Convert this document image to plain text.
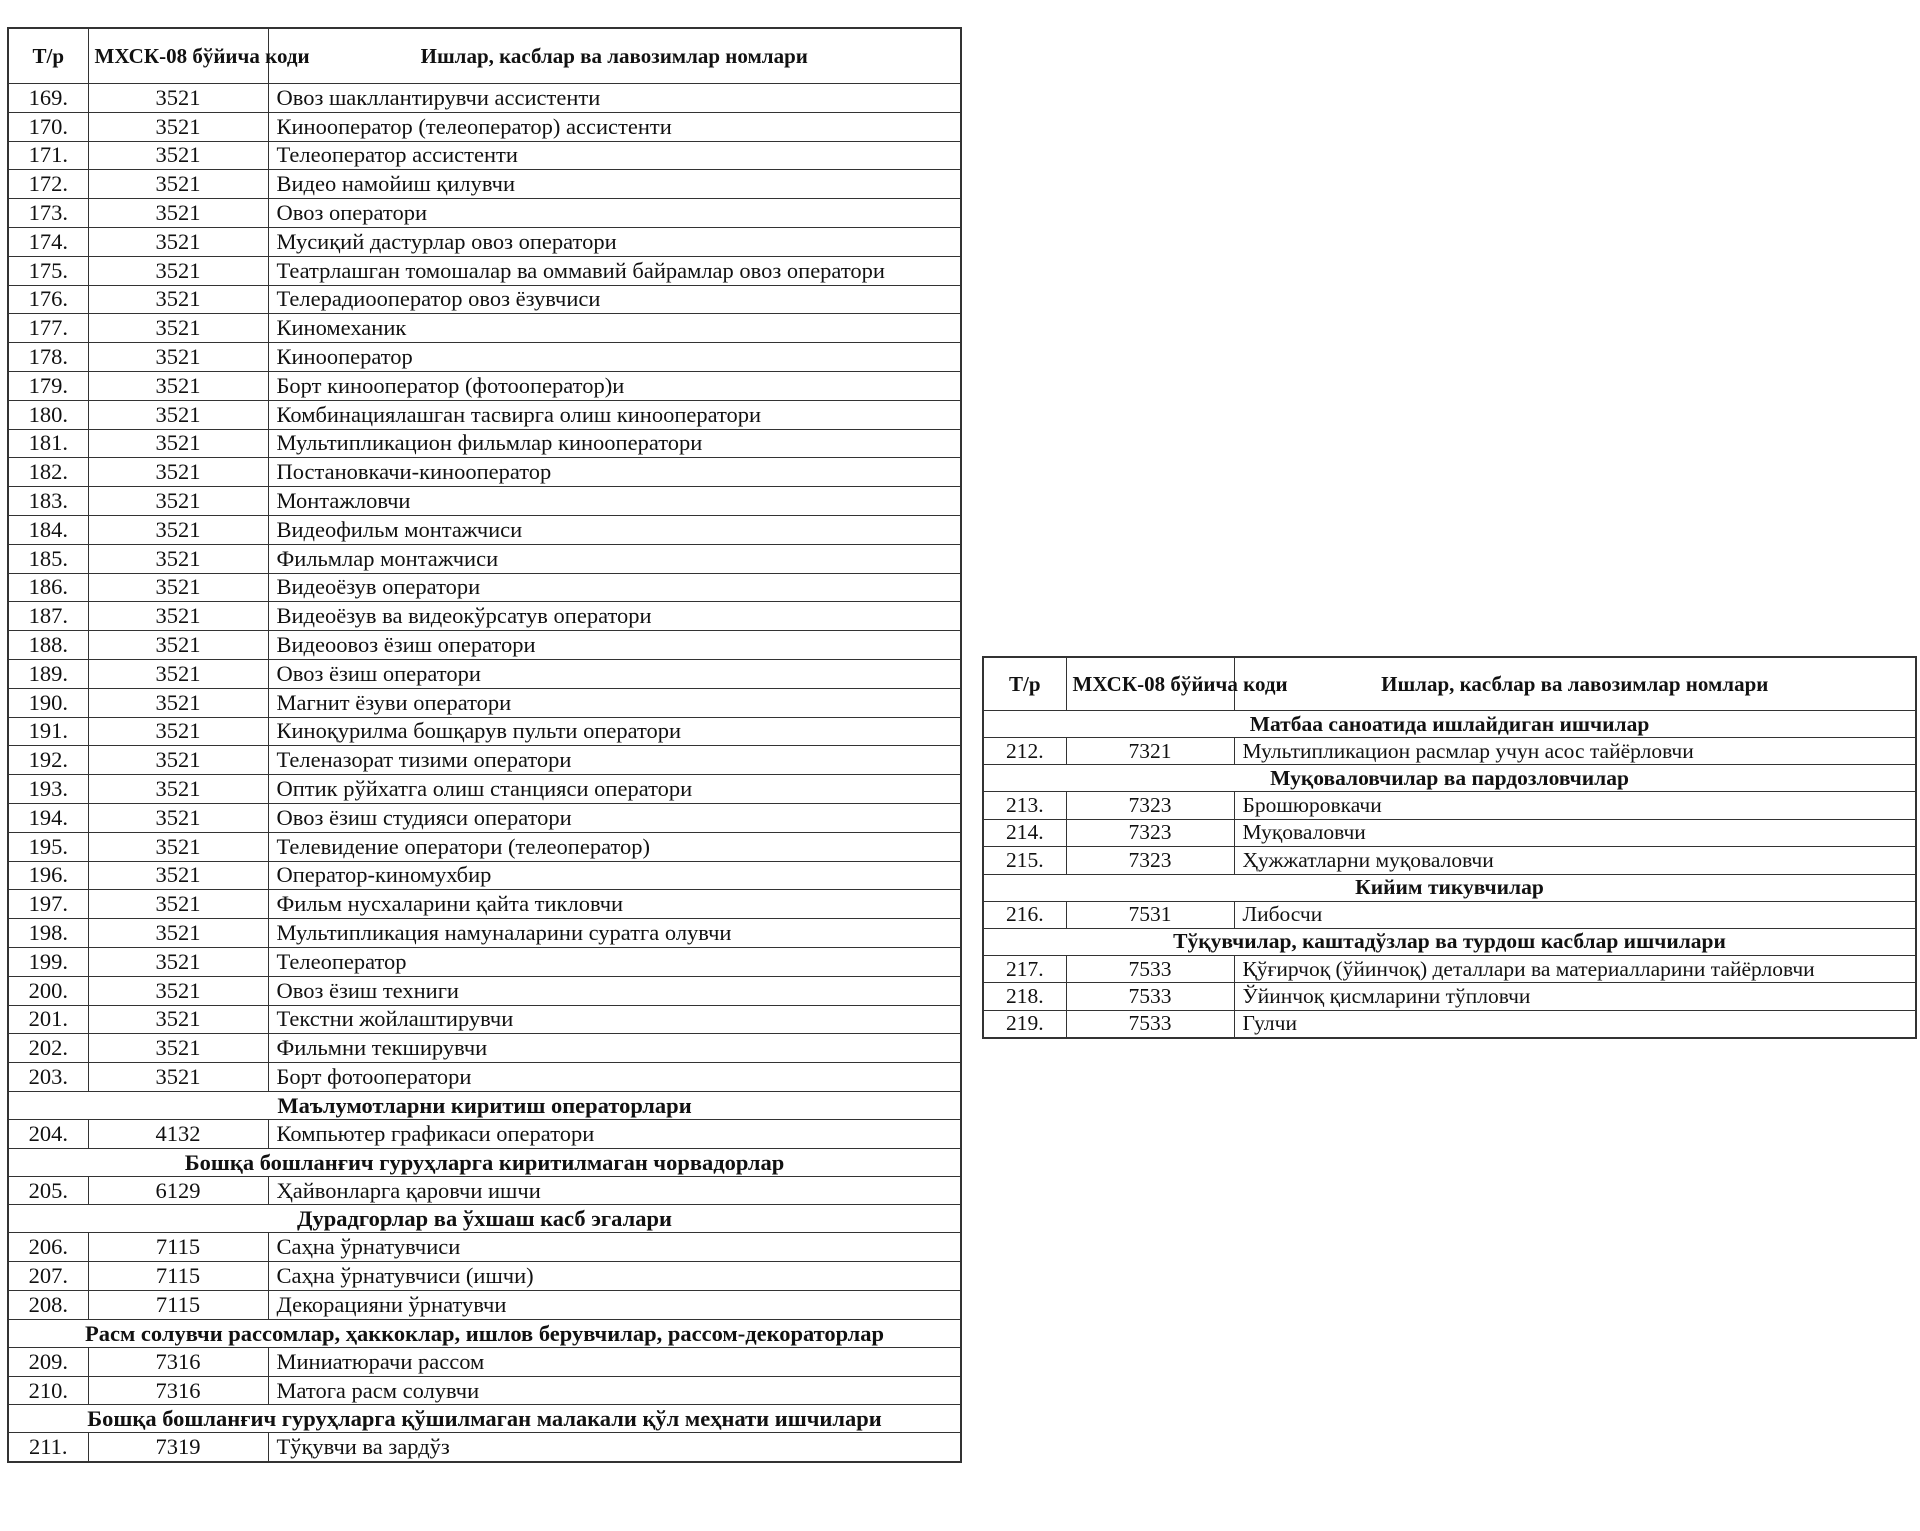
Т/р	МХСК-08 бўйича коди	Ишлар, касблар ва лавозимлар номлари
169.	3521	Овоз шакллантирувчи ассистенти
170.	3521	Кинооператор (телеоператор) ассистенти
171.	3521	Телеоператор ассистенти
172.	3521	Видео намойиш қилувчи
173.	3521	Овоз оператори
174.	3521	Мусиқий дастурлар овоз оператори
175.	3521	Театрлашган томошалар ва оммавий байрамлар овоз оператори
176.	3521	Телерадиооператор овоз ёзувчиси
177.	3521	Киномеханик
178.	3521	Кинооператор
179.	3521	Борт кинооператор (фотооператор)и
180.	3521	Комбинациялашган тасвирга олиш кинооператори
181.	3521	Мультипликацион фильмлар кинооператори
182.	3521	Постановкачи-кинооператор
183.	3521	Монтажловчи
184.	3521	Видеофильм монтажчиси
185.	3521	Фильмлар монтажчиси
186.	3521	Видеоёзув оператори
187.	3521	Видеоёзув ва видеокўрсатув оператори
188.	3521	Видеоовоз ёзиш оператори
189.	3521	Овоз ёзиш оператори
190.	3521	Магнит ёзуви оператори
191.	3521	Киноқурилма бошқарув пульти оператори
192.	3521	Теленазорат тизими оператори
193.	3521	Оптик рўйхатга олиш станцияси оператори
194.	3521	Овоз ёзиш студияси оператори
195.	3521	Телевидение оператори (телеоператор)
196.	3521	Оператор-киномухбир
197.	3521	Фильм нусхаларини қайта тикловчи
198.	3521	Мультипликация намуналарини суратга олувчи
199.	3521	Телеоператор
200.	3521	Овоз ёзиш техниги
201.	3521	Текстни жойлаштирувчи
202.	3521	Фильмни текширувчи
203.	3521	Борт фотооператори
Маълумотларни киритиш операторлари		
204.	4132	Компьютер графикаси оператори
Бошқа бошланғич гуруҳларга киритилмаган чорвадорлар		
205.	6129	Ҳайвонларга қаровчи ишчи
Дурадгорлар ва ўхшаш касб эгалари		
206.	7115	Саҳна ўрнатувчиси
207.	7115	Саҳна ўрнатувчиси (ишчи)
208.	7115	Декорацияни ўрнатувчи
Расм солувчи рассомлар, ҳаккоклар, ишлов берувчилар, рассом-декораторлар		
209.	7316	Миниатюрачи рассом
210.	7316	Матога расм солувчи
Бошқа бошланғич гуруҳларга қўшилмаган малакали қўл меҳнати ишчилари		
211.	7319	Тўқувчи ва зардўз
Т/р	МХСК-08 бўйича коди	Ишлар, касблар ва лавозимлар номлари
Матбаа саноатида ишлайдиган ишчилар		
212.	7321	Мультипликацион расмлар учун асос тайёрловчи
Муқоваловчилар ва пардозловчилар		
213.	7323	Брошюровкачи
214.	7323	Муқоваловчи
215.	7323	Ҳужжатларни муқоваловчи
Кийим тикувчилар		
216.	7531	Либосчи
Тўқувчилар, каштадўзлар ва турдош касблар ишчилари		
217.	7533	Қўғирчоқ (ўйинчоқ) деталлари ва материалларини тайёрловчи
218.	7533	Ўйинчоқ қисмларини тўпловчи
219.	7533	Гулчи
